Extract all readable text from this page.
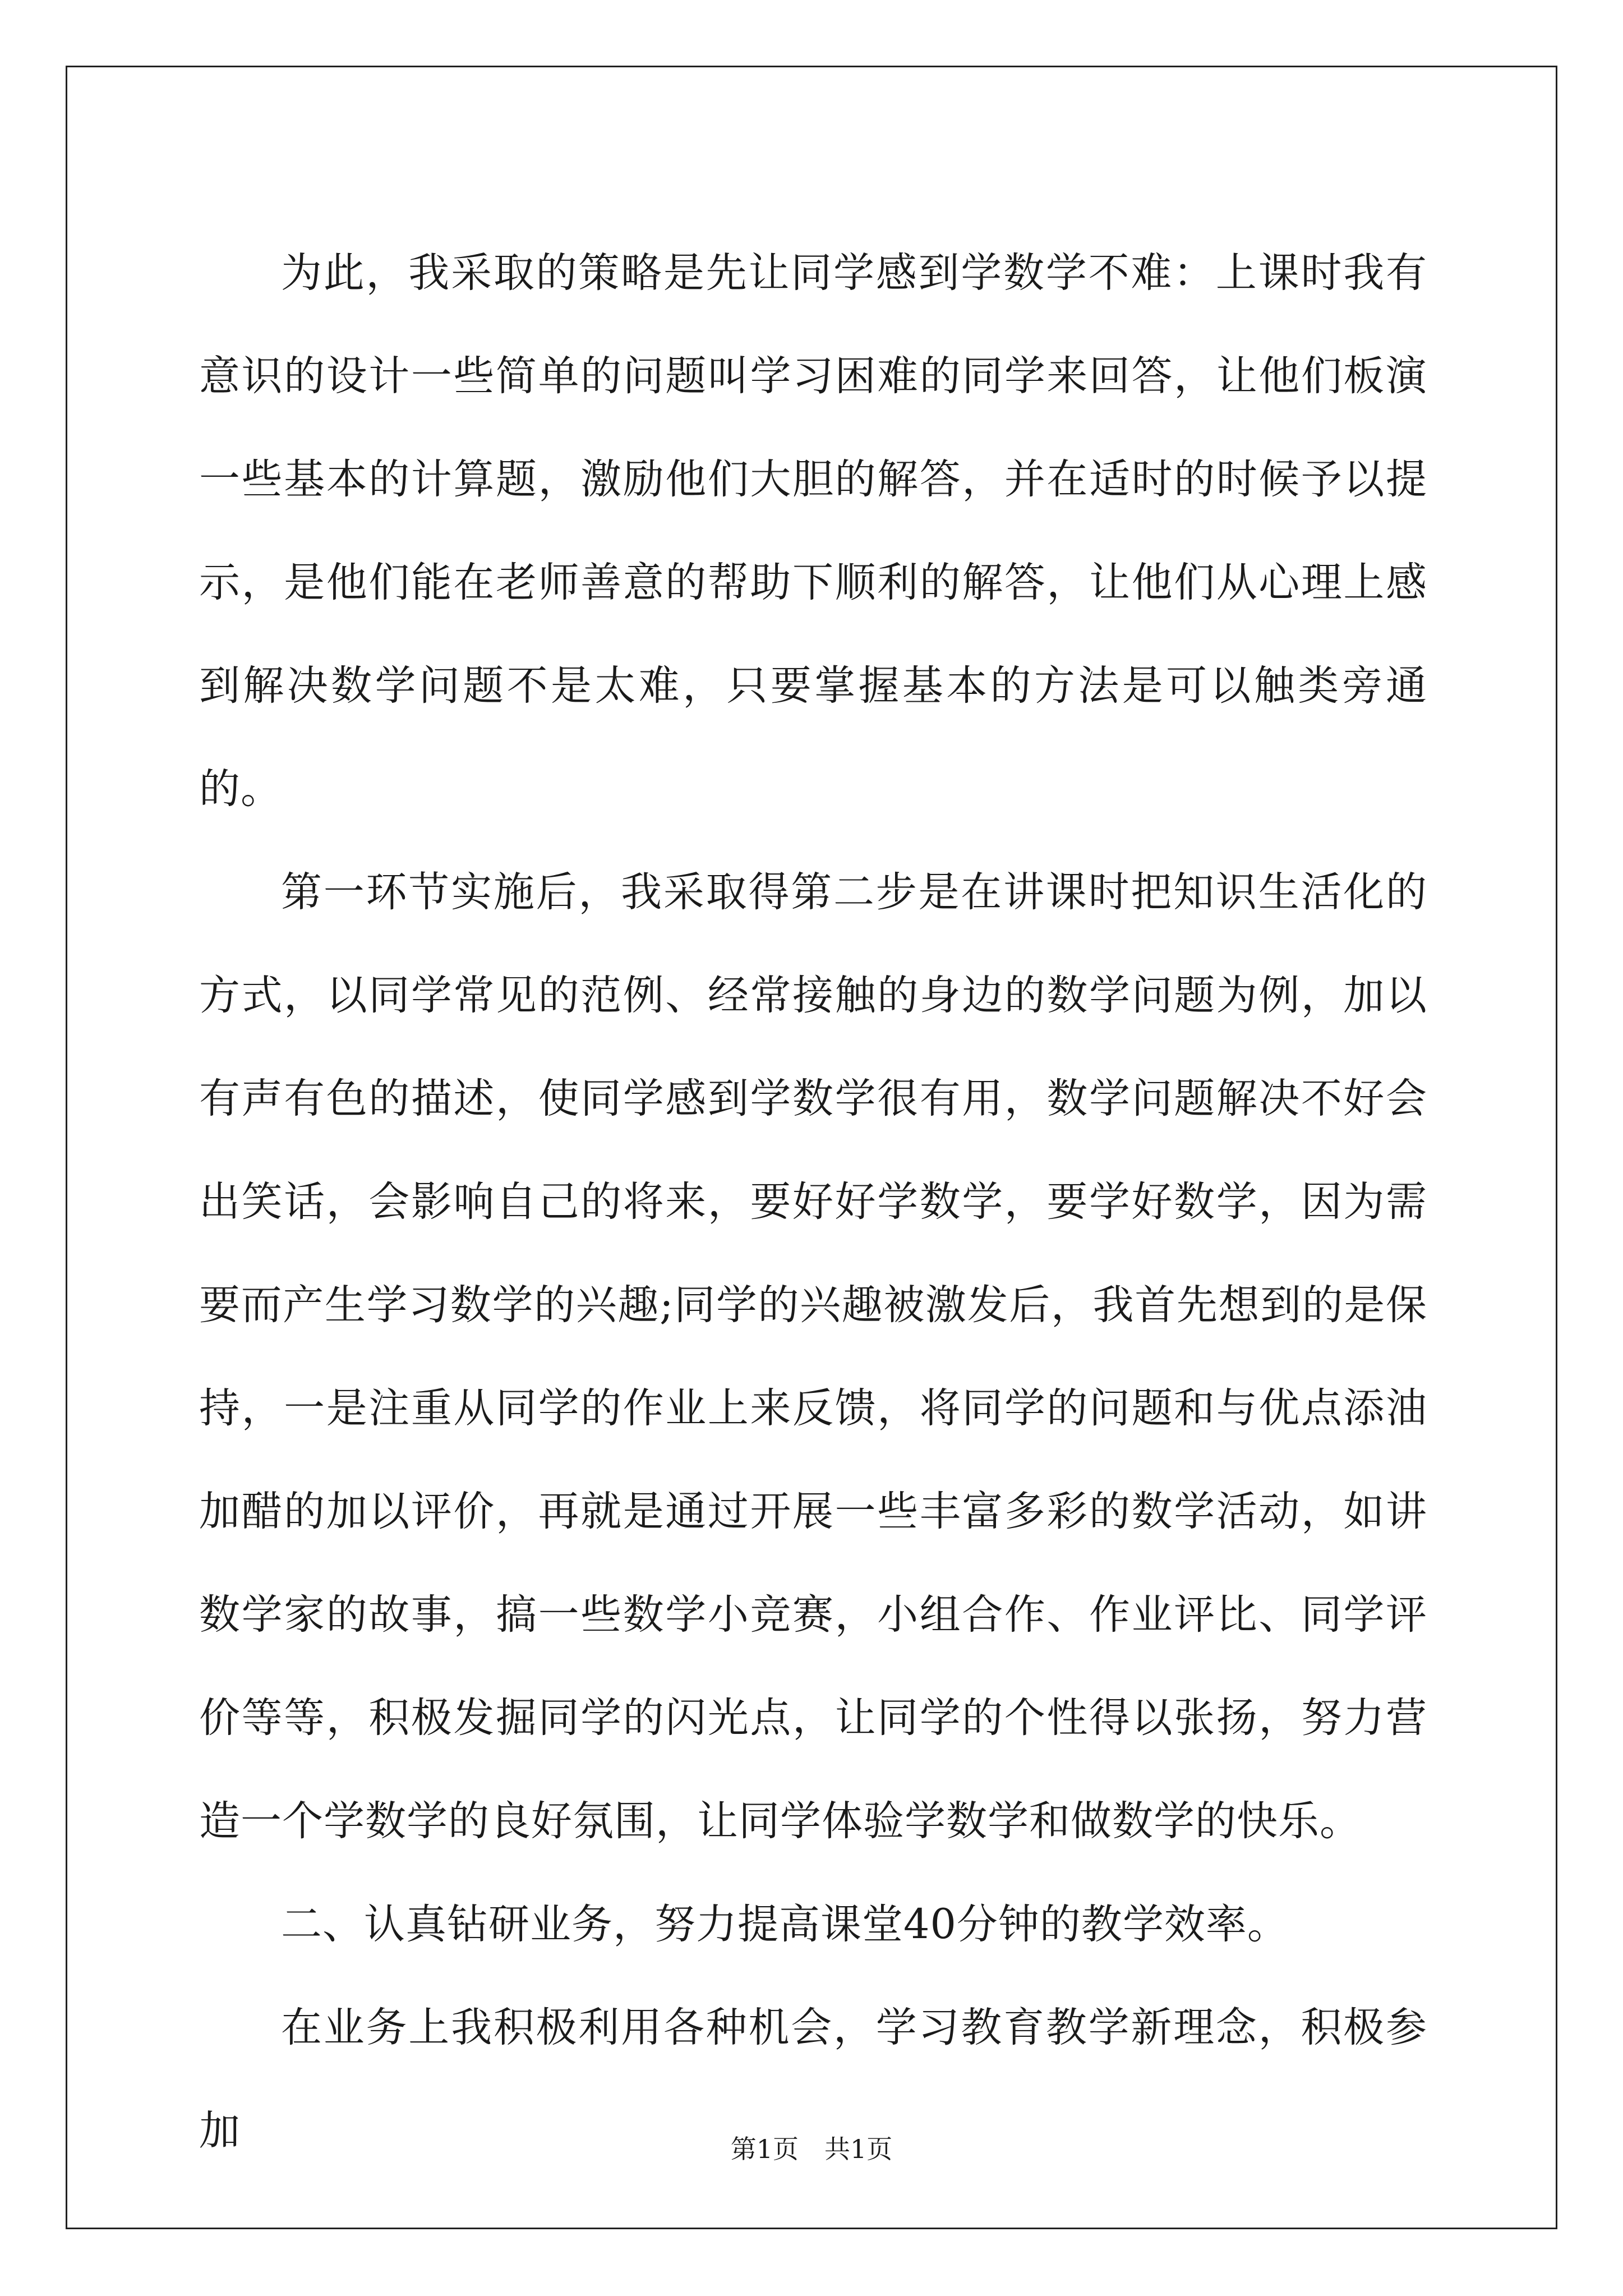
为此，我采取的策略是先让同学感到学数学不难：上课时我有意识的设计一些简单的问题叫学习困难的同学来回答，让他们板演一些基本的计算题，激励他们大胆的解答，并在适时的时候予以提示，是他们能在老师善意的帮助下顺利的解答，让他们从心理上感到解决数学问题不是太难，只要掌握基本的方法是可以触类旁通的。

第一环节实施后，我采取得第二步是在讲课时把知识生活化的方式，以同学常见的范例、经常接触的身边的数学问题为例，加以有声有色的描述，使同学感到学数学很有用，数学问题解决不好会出笑话，会影响自己的将来，要好好学数学，要学好数学，因为需要而产生学习数学的兴趣;同学的兴趣被激发后，我首先想到的是保持，一是注重从同学的作业上来反馈，将同学的问题和与优点添油加醋的加以评价，再就是通过开展一些丰富多彩的数学活动，如讲数学家的故事，搞一些数学小竞赛，小组合作、作业评比、同学评价等等，积极发掘同学的闪光点，让同学的个性得以张扬，努力营造一个学数学的良好氛围，让同学体验学数学和做数学的快乐。

二、认真钻研业务，努力提高课堂40分钟的教学效率。

在业务上我积极利用各种机会，学习教育教学新理念，积极参加	第1页　共1页
